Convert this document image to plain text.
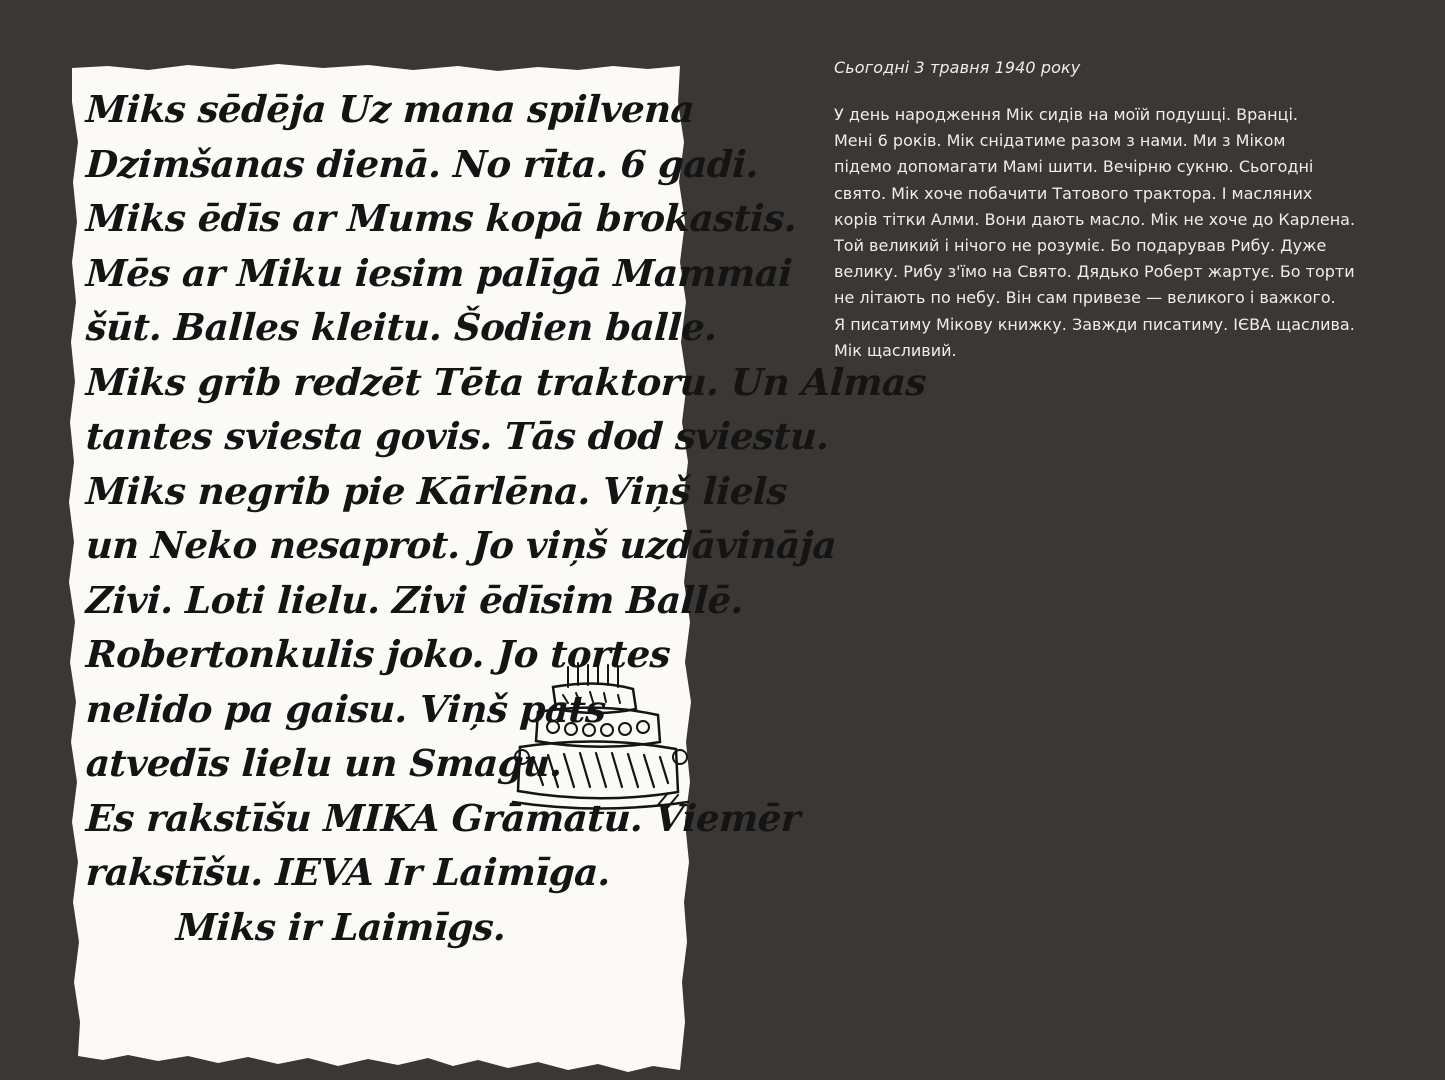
Miks sēdēja Uz mana spilvena
Dzimšanas dienā. No rīta. 6 gadi.
Miks ēdīs ar Mums kopā brokastis.
Mēs ar Miku iesim palīgā Mammai
šūt. Balles kleitu. Šodien balle.
Miks grib redzēt Tēta traktoru. Un Almas
tantes sviesta govis. Tās dod sviestu.
Miks negrib pie Kārlēna. Viņš liels
un Neko nesaprot. Jo viņš uzdāvināja
Zivi. Loti lielu. Zivi ēdīsim Ballē.
Robertonkulis joko. Jo tortes
nelido pa gaisu. Viņš pats
atvedīs lielu un Smagu.
Es rakstīšu MIKA Grāmatu. Viemēr
rakstīšu. IEVA Ir Laimīga.
Miks ir Laimīgs.

Сьогодні 3 травня 1940 року

У день народження Мік сидів на моїй подушці. Вранці.
Мені 6 років. Мік снідатиме разом з нами. Ми з Міком
підемо допомагати Мамі шити. Вечірню сукню. Сьогодні
свято. Мік хоче побачити Татового трактора. І масляних
корів тітки Алми. Вони дають масло. Мік не хоче до Карлена.
Той великий і нічого не розуміє. Бо подарував Рибу. Дуже
велику. Рибу з'їмо на Свято. Дядько Роберт жартує. Бо торти
не літають по небу. Він сам привезе — великого і важкого.
Я писатиму Мікову книжку. Завжди писатиму. ІЄВА щаслива.
Мік щасливий.
